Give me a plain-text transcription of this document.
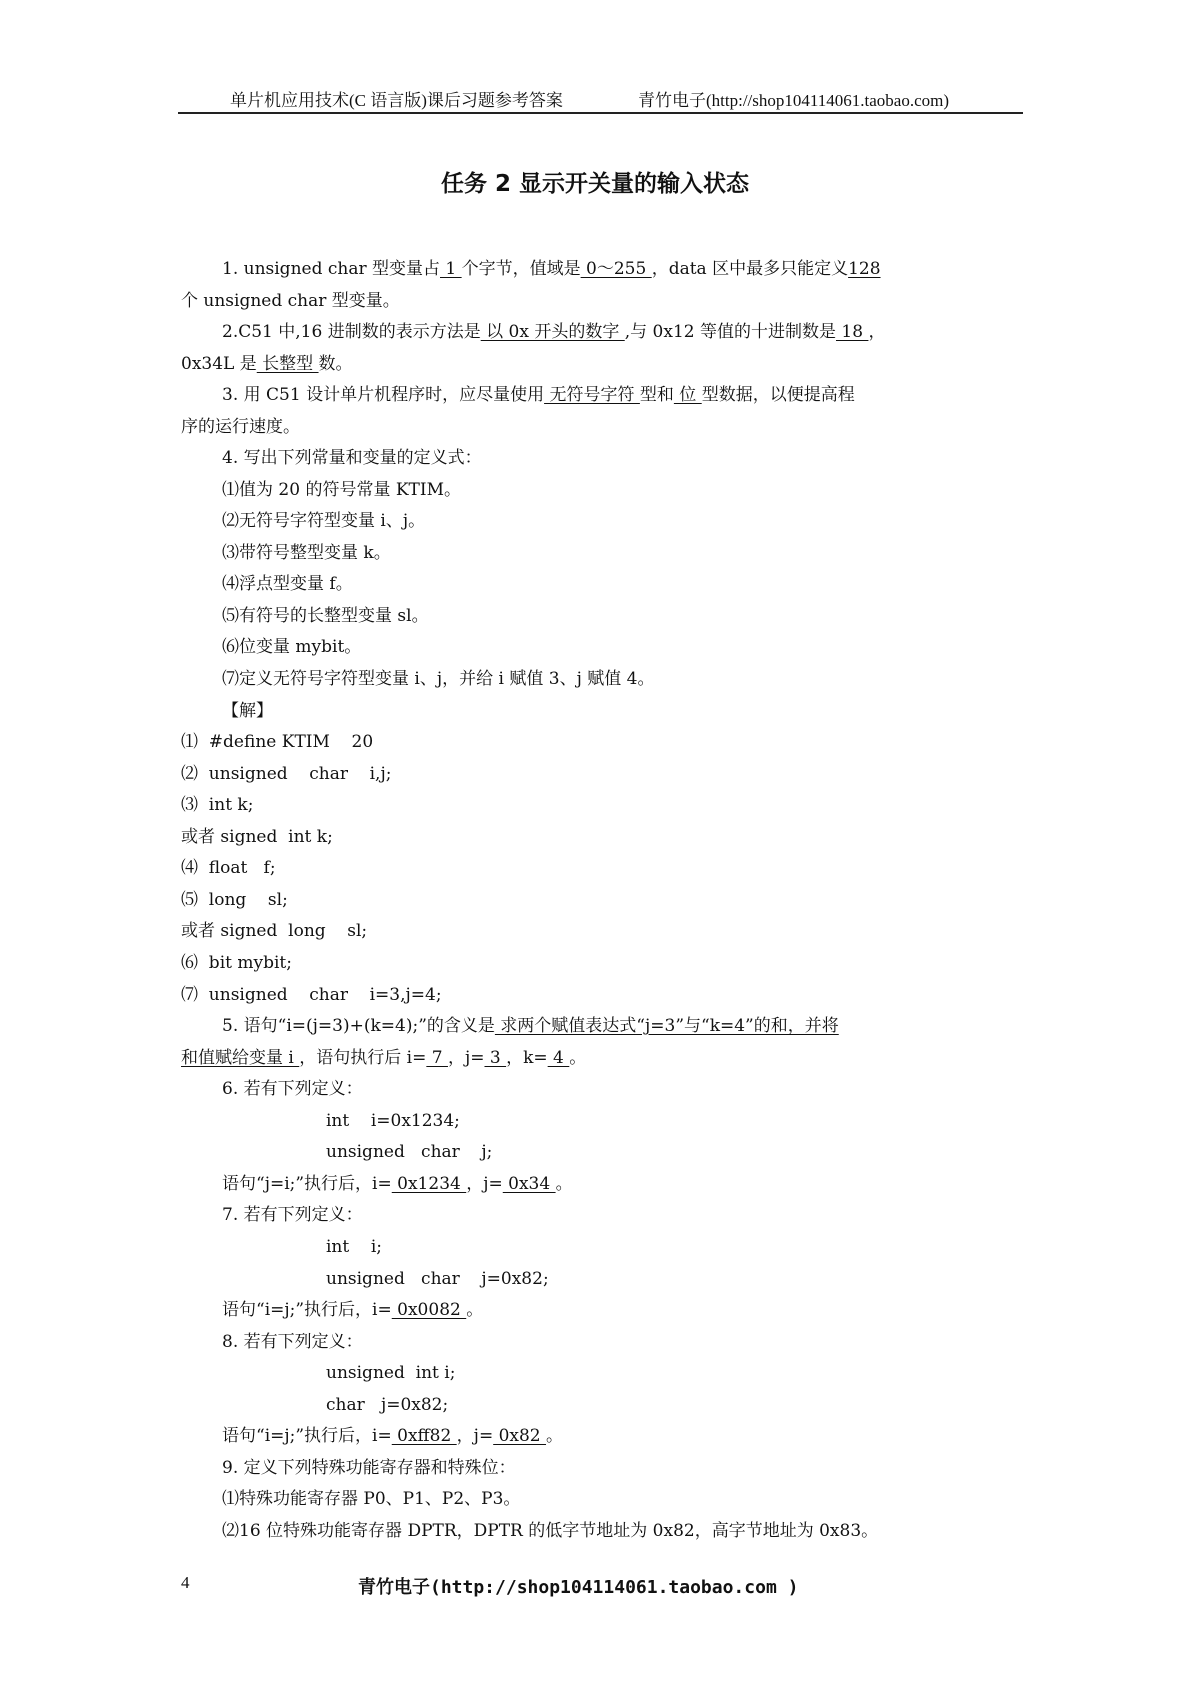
单片机应用技术(C 语言版)课后习题参考答案	青竹电子(http://shop104114061.taobao.com)
任务 2 显示开关量的输入状态
1. unsigned char 型变量占 1 个字节，值域是 0～255 ，data 区中最多只能定义128
个 unsigned char 型变量。
2.C51 中,16 进制数的表示方法是 以 0x 开头的数字 ,与 0x12 等值的十进制数是 18 ，
0x34L 是 长整型 数。
3. 用 C51 设计单片机程序时，应尽量使用 无符号字符 型和 位 型数据，以便提高程
序的运行速度。
4. 写出下列常量和变量的定义式：
⑴值为 20 的符号常量 KTIM。
⑵无符号字符型变量 i、j。
⑶带符号整型变量 k。
⑷浮点型变量 f。
⑸有符号的长整型变量 sl。
⑹位变量 mybit。
⑺定义无符号字符型变量 i、j，并给 i 赋值 3、j 赋值 4。
【解】
⑴  #define KTIM    20
⑵  unsigned    char    i,j;
⑶  int k;
或者 signed  int k;
⑷  float   f;
⑸  long    sl;
或者 signed  long    sl;
⑹  bit mybit;
⑺  unsigned    char    i=3,j=4;
5. 语句“i=(j=3)+(k=4);”的含义是 求两个赋值表达式“j=3”与“k=4”的和，并将
和值赋给变量 i ，语句执行后 i= 7 ，j= 3 ，k= 4 。
6. 若有下列定义：
int    i=0x1234;
unsigned   char    j;
语句“j=i;”执行后，i= 0x1234 ，j= 0x34 。
7. 若有下列定义：
int    i;
unsigned   char    j=0x82;
语句“i=j;”执行后，i= 0x0082 。
8. 若有下列定义：
unsigned  int i;
char   j=0x82;
语句“i=j;”执行后，i= 0xff82 ，j= 0x82 。
9. 定义下列特殊功能寄存器和特殊位：
⑴特殊功能寄存器 P0、P1、P2、P3。
⑵16 位特殊功能寄存器 DPTR，DPTR 的低字节地址为 0x82，高字节地址为 0x83。
4	青竹电子(http://shop104114061.taobao.com )
